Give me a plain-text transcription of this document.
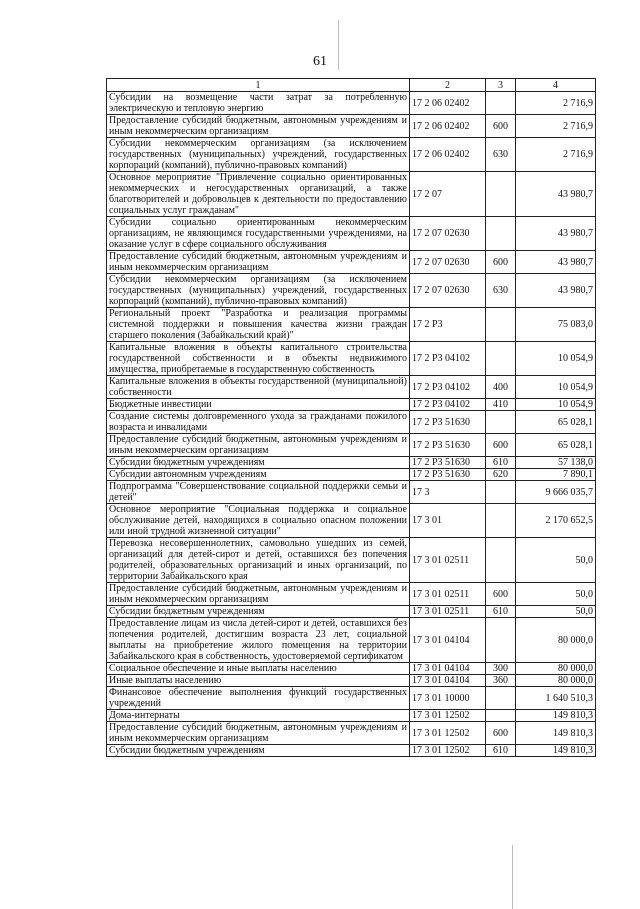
61
1	2	3	4
Субсидии на возмещение части затрат за потребленную электрическую и тепловую энергию	17 2 06 02402		2 716,9
Предоставление субсидий бюджетным, автономным учреждениям и иным некоммерческим организациям	17 2 06 02402	600	2 716,9
Субсидии некоммерческим организациям (за исключением государственных (муниципальных) учреждений, государственных корпораций (компаний), публично-правовых компаний)	17 2 06 02402	630	2 716,9
Основное мероприятие "Привлечение социально ориентированных некоммерческих и негосударственных организаций, а также благотворителей и добровольцев к деятельности по предоставлению социальных услуг гражданам"	17 2 07		43 980,7
Субсидии социально ориентированным некоммерческим организациям, не являющимся государственными учреждениями, на оказание услуг в сфере социального обслуживания	17 2 07 02630		43 980,7
Предоставление субсидий бюджетным, автономным учреждениям и иным некоммерческим организациям	17 2 07 02630	600	43 980,7
Субсидии некоммерческим организациям (за исключением государственных (муниципальных) учреждений, государственных корпораций (компаний), публично-правовых компаний)	17 2 07 02630	630	43 980,7
Региональный проект "Разработка и реализация программы системной поддержки и повышения качества жизни граждан старшего поколения (Забайкальский край)"	17 2 P3		75 083,0
Капитальные вложения в объекты капитального строительства государственной собственности и в объекты недвижимого имущества, приобретаемые в государственную собственность	17 2 P3 04102		10 054,9
Капитальные вложения в объекты государственной (муниципальной) собственности	17 2 P3 04102	400	10 054,9
Бюджетные инвестиции	17 2 P3 04102	410	10 054,9
Создание системы долговременного ухода за гражданами пожилого возраста и инвалидами	17 2 P3 51630		65 028,1
Предоставление субсидий бюджетным, автономным учреждениям и иным некоммерческим организациям	17 2 P3 51630	600	65 028,1
Субсидии бюджетным учреждениям	17 2 P3 51630	610	57 138,0
Субсидии автономным учреждениям	17 2 P3 51630	620	7 890,1
Подпрограмма "Совершенствование социальной поддержки семьи и детей"	17 3		9 666 035,7
Основное мероприятие "Социальная поддержка и социальное обслуживание детей, находящихся в социально опасном положении или иной трудной жизненной ситуации"	17 3 01		2 170 652,5
Перевозка несовершеннолетних, самовольно ушедших из семей, организаций для детей-сирот и детей, оставшихся без попечения родителей, образовательных организаций и иных организаций, по территории Забайкальского края	17 3 01 02511		50,0
Предоставление субсидий бюджетным, автономным учреждениям и иным некоммерческим организациям	17 3 01 02511	600	50,0
Субсидии бюджетным учреждениям	17 3 01 02511	610	50,0
Предоставление лицам из числа детей-сирот и детей, оставшихся без попечения родителей, достигшим возраста 23 лет, социальной выплаты на приобретение жилого помещения на территории Забайкальского края в собственность, удостоверяемой сертификатом	17 3 01 04104		80 000,0
Социальное обеспечение и иные выплаты населению	17 3 01 04104	300	80 000,0
Иные выплаты населению	17 3 01 04104	360	80 000,0
Финансовое обеспечение выполнения функций государственных учреждений	17 3 01 10000		1 640 510,3
Дома-интернаты	17 3 01 12502		149 810,3
Предоставление субсидий бюджетным, автономным учреждениям и иным некоммерческим организациям	17 3 01 12502	600	149 810,3
Субсидии бюджетным учреждениям	17 3 01 12502	610	149 810,3
